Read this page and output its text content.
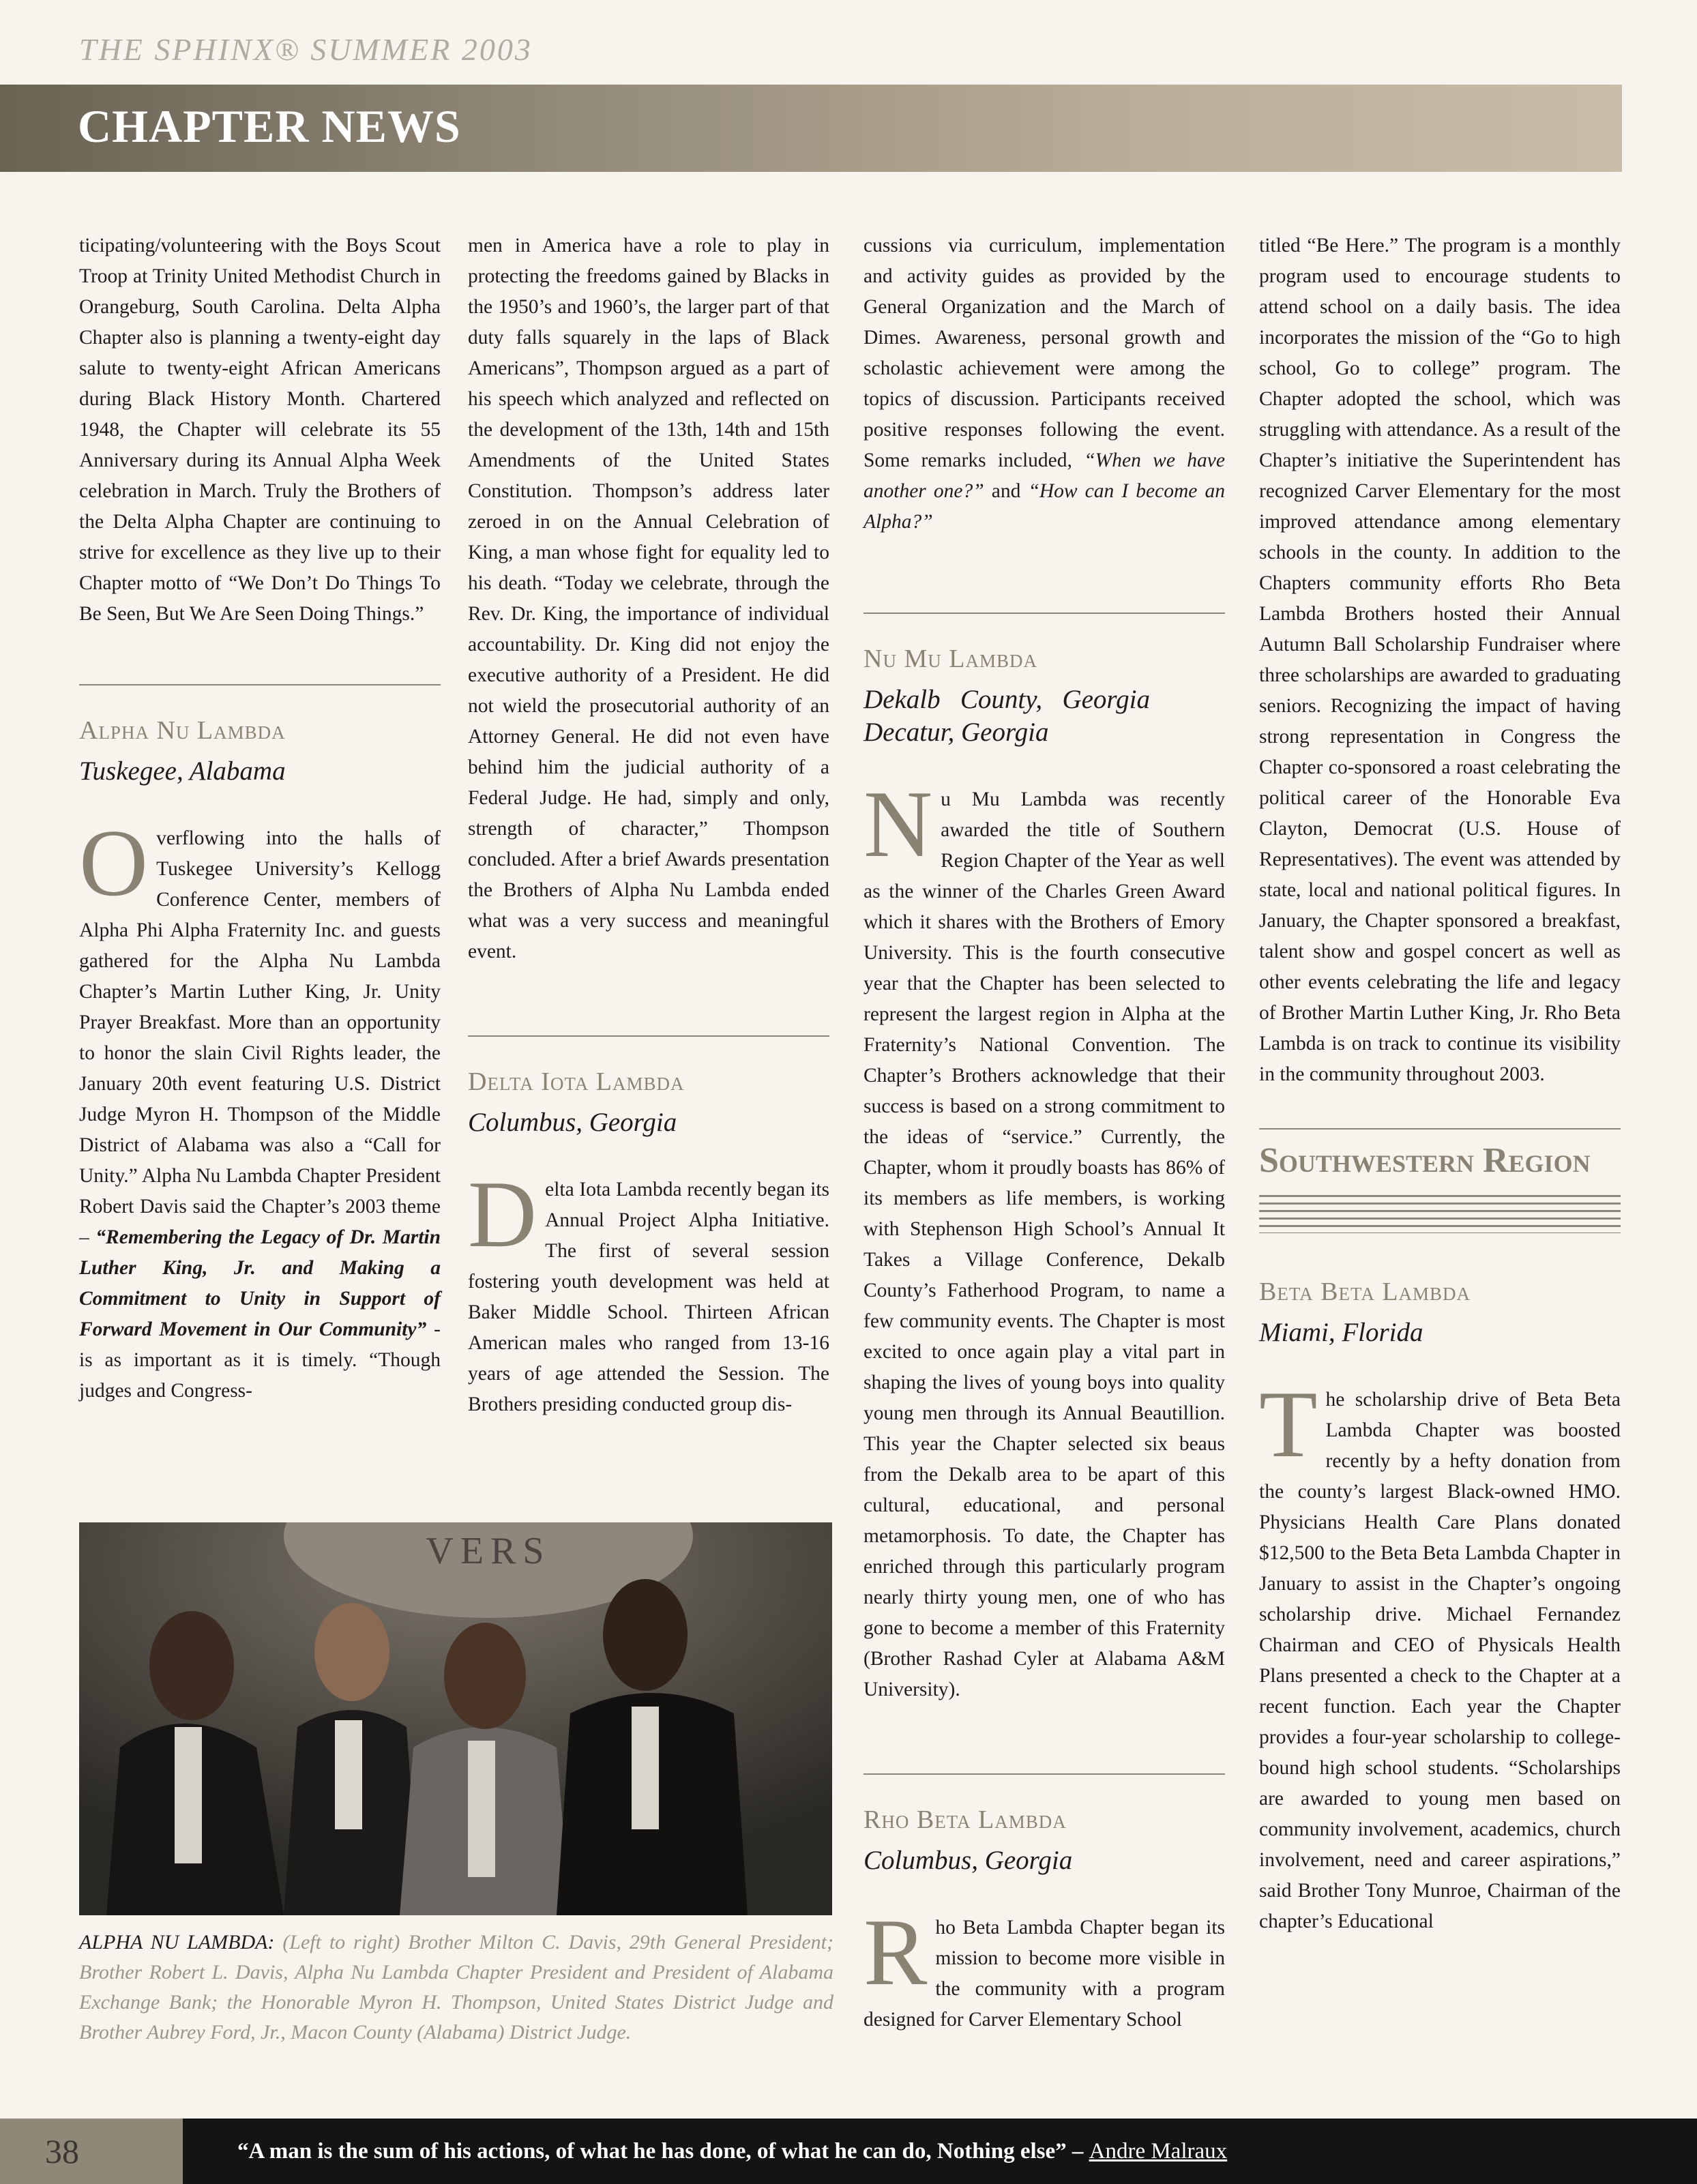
THE SPHINX® SUMMER 2003
CHAPTER NEWS

ticipating/volunteering with the Boys Scout Troop at Trinity United Methodist Church in Orangeburg, South Carolina. Delta Alpha Chapter also is planning a twenty-eight day salute to twenty-eight African Americans during Black History Month. Chartered 1948, the Chapter will celebrate its 55 Anniversary during its Annual Alpha Week celebration in March. Truly the Brothers of the Delta Alpha Chapter are continuing to strive for excellence as they live up to their Chapter motto of “We Don’t Do Things To Be Seen, But We Are Seen Doing Things.”

Alpha Nu Lambda
Tuskegee, Alabama

Overflowing into the halls of Tuskegee University’s Kellogg Conference Center, members of Alpha Phi Alpha Fraternity Inc. and guests gathered for the Alpha Nu Lambda Chapter’s Martin Luther King, Jr. Unity Prayer Breakfast. More than an opportunity to honor the slain Civil Rights leader, the January 20th event featuring U.S. District Judge Myron H. Thompson of the Middle District of Alabama was also a “Call for Unity.” Alpha Nu Lambda Chapter President Robert Davis said the Chapter’s 2003 theme – “Remembering the Legacy of Dr. Martin Luther King, Jr. and Making a Commitment to Unity in Support of Forward Movement in Our Community” - is as important as it is timely. “Though judges and Congress-

men in America have a role to play in protecting the freedoms gained by Blacks in the 1950’s and 1960’s, the larger part of that duty falls squarely in the laps of Black Americans”, Thompson argued as a part of his speech which analyzed and reflected on the development of the 13th, 14th and 15th Amendments of the United States Constitution. Thompson’s address later zeroed in on the Annual Celebration of King, a man whose fight for equality led to his death. “Today we celebrate, through the Rev. Dr. King, the importance of individual accountability. Dr. King did not enjoy the executive authority of a President. He did not wield the prosecutorial authority of an Attorney General. He did not even have behind him the judicial authority of a Federal Judge. He had, simply and only, strength of character,” Thompson concluded. After a brief Awards presentation the Brothers of Alpha Nu Lambda ended what was a very success and meaningful event.

Delta Iota Lambda
Columbus, Georgia

Delta Iota Lambda recently began its Annual Project Alpha Initiative. The first of several session fostering youth development was held at Baker Middle School. Thirteen African American males who ranged from 13-16 years of age attended the Session. The Brothers presiding conducted group dis-

cussions via curriculum, implementation and activity guides as provided by the General Organization and the March of Dimes. Awareness, personal growth and scholastic achievement were among the topics of discussion. Participants received positive responses following the event. Some remarks included, “When we have another one?” and “How can I become an Alpha?”

Nu Mu Lambda
Dekalb County, Georgia Decatur, Georgia

Nu Mu Lambda was recently awarded the title of Southern Region Chapter of the Year as well as the winner of the Charles Green Award which it shares with the Brothers of Emory University. This is the fourth consecutive year that the Chapter has been selected to represent the largest region in Alpha at the Fraternity’s National Convention. The Chapter’s Brothers acknowledge that their success is based on a strong commitment to the ideas of “service.” Currently, the Chapter, whom it proudly boasts has 86% of its members as life members, is working with Stephenson High School’s Annual It Takes a Village Conference, Dekalb County’s Fatherhood Program, to name a few community events. The Chapter is most excited to once again play a vital part in shaping the lives of young boys into quality young men through its Annual Beautillion. This year the Chapter selected six beaus from the Dekalb area to be apart of this cultural, educational, and personal metamorphosis. To date, the Chapter has enriched through this particularly program nearly thirty young men, one of who has gone to become a member of this Fraternity (Brother Rashad Cyler at Alabama A&M University).

Rho Beta Lambda
Columbus, Georgia

Rho Beta Lambda Chapter began its mission to become more visible in the community with a program designed for Carver Elementary School

titled “Be Here.” The program is a monthly program used to encourage students to attend school on a daily basis. The idea incorporates the mission of the “Go to high school, Go to college” program. The Chapter adopted the school, which was struggling with attendance. As a result of the Chapter’s initiative the Superintendent has recognized Carver Elementary for the most improved attendance among elementary schools in the county. In addition to the Chapters community efforts Rho Beta Lambda Brothers hosted their Annual Autumn Ball Scholarship Fundraiser where three scholarships are awarded to graduating seniors. Recognizing the impact of having strong representation in Congress the Chapter co-sponsored a roast celebrating the political career of the Honorable Eva Clayton, Democrat (U.S. House of Representatives). The event was attended by state, local and national political figures. In January, the Chapter sponsored a breakfast, talent show and gospel concert as well as other events celebrating the life and legacy of Brother Martin Luther King, Jr. Rho Beta Lambda is on track to continue its visibility in the community throughout 2003.

Southwestern Region
Beta Beta Lambda
Miami, Florida

The scholarship drive of Beta Beta Lambda Chapter was boosted recently by a hefty donation from the county’s largest Black-owned HMO. Physicians Health Care Plans donated $12,500 to the Beta Beta Lambda Chapter in January to assist in the Chapter’s ongoing scholarship drive. Michael Fernandez Chairman and CEO of Physicals Health Plans presented a check to the Chapter at a recent function. Each year the Chapter provides a four-year scholarship to college-bound high school students. “Scholarships are awarded to young men based on community involvement, academics, church involvement, need and career aspirations,” said Brother Tony Munroe, Chairman of the chapter’s Educational

VERS
ALPHA NU LAMBDA: (Left to right) Brother Milton C. Davis, 29th General President; Brother Robert L. Davis, Alpha Nu Lambda Chapter President and President of Alabama Exchange Bank; the Honorable Myron H. Thompson, United States District Judge and Brother Aubrey Ford, Jr., Macon County (Alabama) District Judge.
38	“A man is the sum of his actions, of what he has done, of what he can do, Nothing else” – Andre Malraux
